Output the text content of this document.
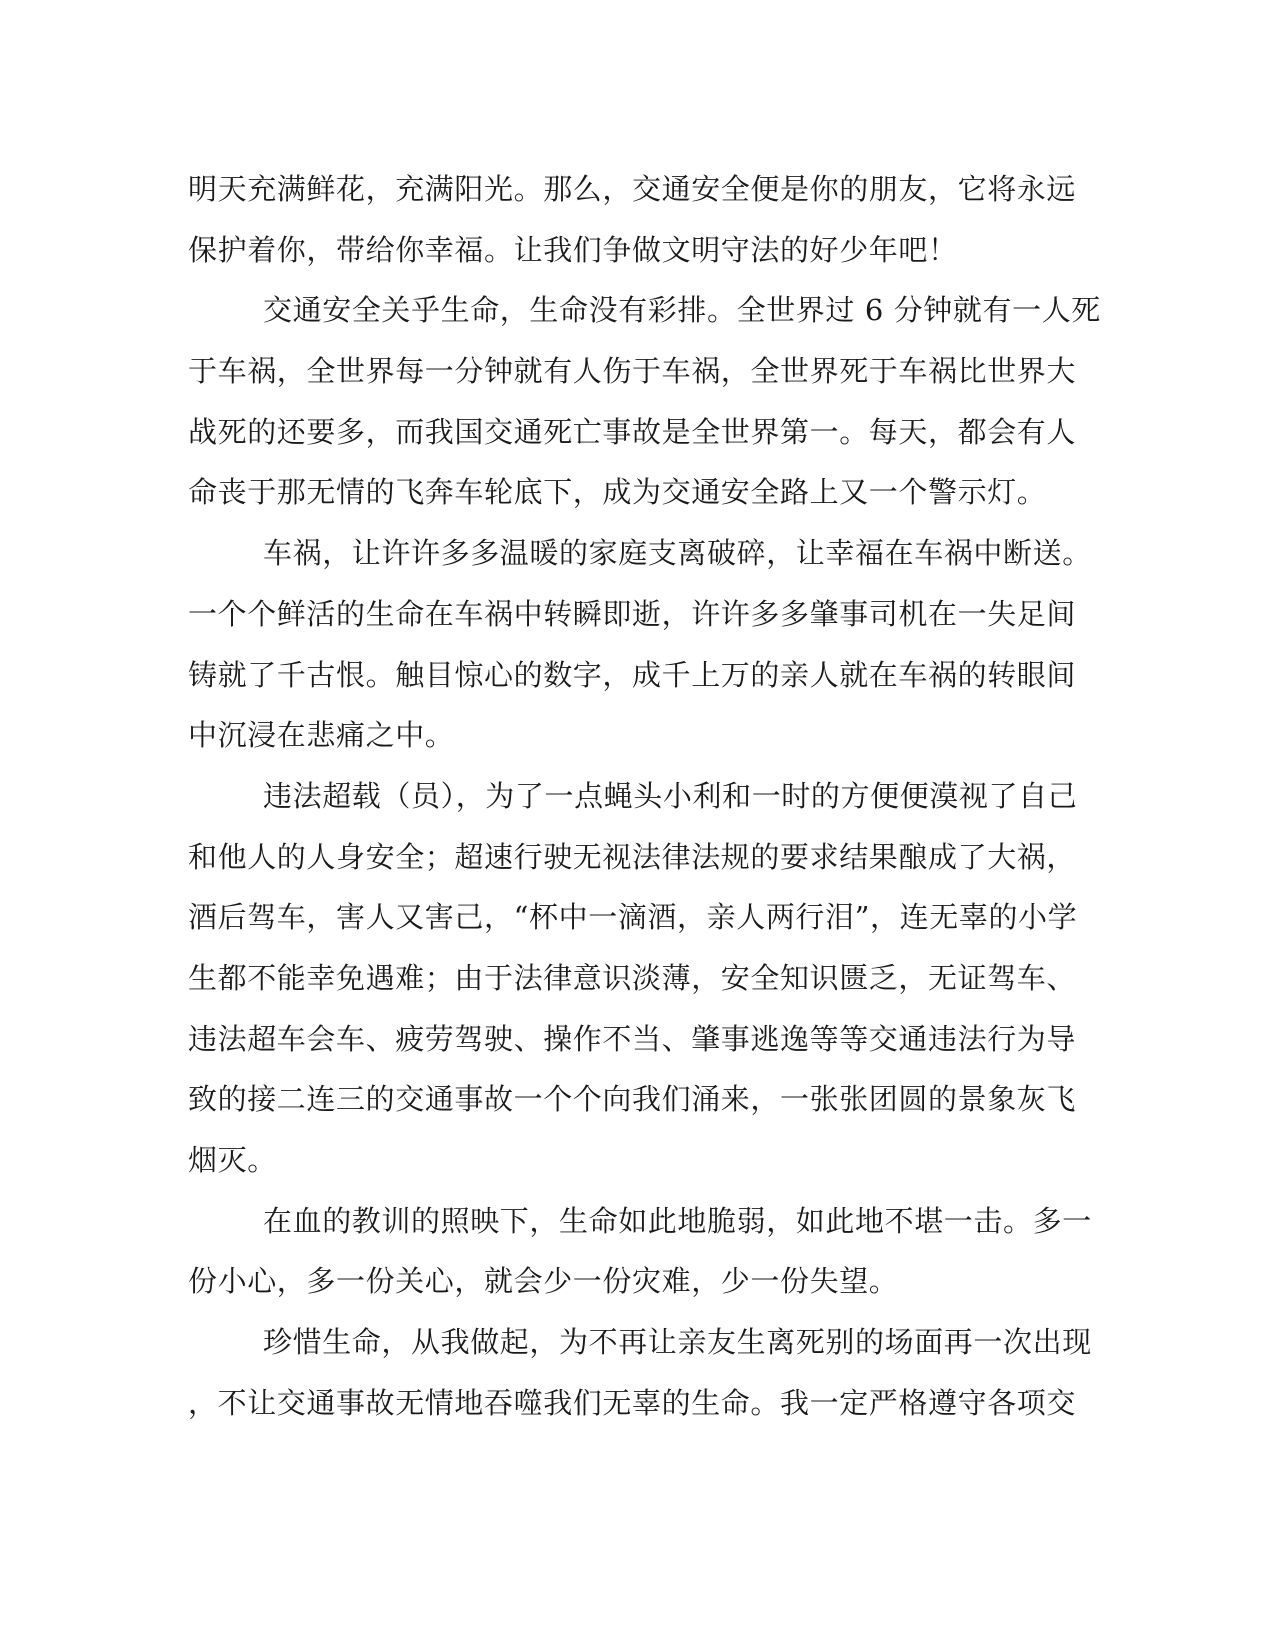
明天充满鲜花，充满阳光。那么，交通安全便是你的朋友，它将永远
保护着你，带给你幸福。让我们争做文明守法的好少年吧！
交通安全关乎生命，生命没有彩排。全世界过 6 分钟就有一人死
于车祸，全世界每一分钟就有人伤于车祸，全世界死于车祸比世界大
战死的还要多，而我国交通死亡事故是全世界第一。每天，都会有人
命丧于那无情的飞奔车轮底下，成为交通安全路上又一个警示灯。
车祸，让许许多多温暖的家庭支离破碎，让幸福在车祸中断送。
一个个鲜活的生命在车祸中转瞬即逝，许许多多肇事司机在一失足间
铸就了千古恨。触目惊心的数字，成千上万的亲人就在车祸的转眼间
中沉浸在悲痛之中。
违法超载（员），为了一点蝇头小利和一时的方便便漠视了自己
和他人的人身安全；超速行驶无视法律法规的要求结果酿成了大祸，
酒后驾车，害人又害己，“杯中一滴酒，亲人两行泪”，连无辜的小学
生都不能幸免遇难；由于法律意识淡薄，安全知识匮乏，无证驾车、
违法超车会车、疲劳驾驶、操作不当、肇事逃逸等等交通违法行为导
致的接二连三的交通事故一个个向我们涌来，一张张团圆的景象灰飞
烟灭。
在血的教训的照映下，生命如此地脆弱，如此地不堪一击。多一
份小心，多一份关心，就会少一份灾难，少一份失望。
珍惜生命，从我做起，为不再让亲友生离死别的场面再一次出现
，不让交通事故无情地吞噬我们无辜的生命。我一定严格遵守各项交
